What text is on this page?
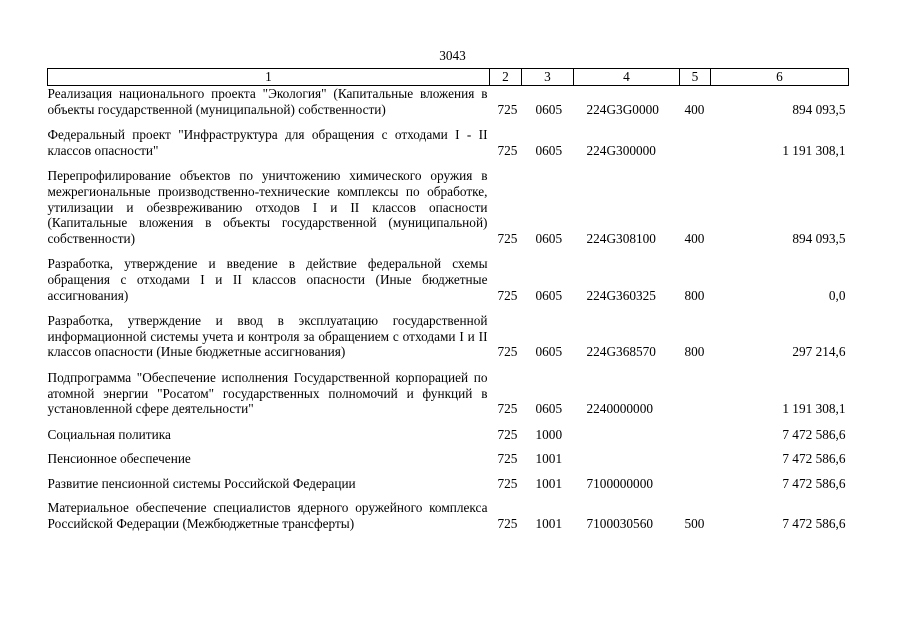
3043
1	2	3	4	5	6
Реализация национального проекта "Экология" (Капитальные вложения в объекты государственной (муниципальной) собственности)	725	0605	224G3G0000	400	894 093,5
Федеральный проект "Инфраструктура для обращения с отходами I - II классов опасности"	725	0605	224G300000		1 191 308,1
Перепрофилирование объектов по уничтожению химического оружия в межрегиональные производственно-технические комплексы по обработке, утилизации и обезвреживанию отходов I и II классов опасности (Капитальные вложения в объекты государственной (муниципальной) собственности)	725	0605	224G308100	400	894 093,5
Разработка, утверждение и введение в действие федеральной схемы обращения с отходами I и II классов опасности (Иные бюджетные ассигнования)	725	0605	224G360325	800	0,0
Разработка, утверждение и ввод в эксплуатацию государственной информационной системы учета и контроля за обращением с отходами I и II классов опасности (Иные бюджетные ассигнования)	725	0605	224G368570	800	297 214,6
Подпрограмма "Обеспечение исполнения Государственной корпорацией по атомной энергии "Росатом" государственных полномочий и функций в установленной сфере деятельности"	725	0605	2240000000		1 191 308,1
Социальная политика	725	1000			7 472 586,6
Пенсионное обеспечение	725	1001			7 472 586,6
Развитие пенсионной системы Российской Федерации	725	1001	7100000000		7 472 586,6
Материальное обеспечение специалистов ядерного оружейного комплекса Российской Федерации (Межбюджетные трансферты)	725	1001	7100030560	500	7 472 586,6
